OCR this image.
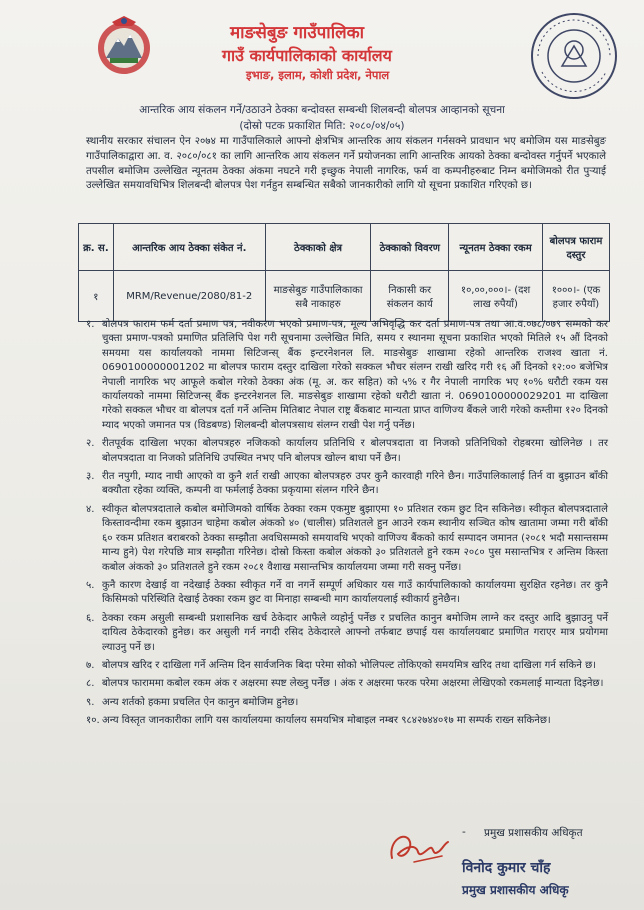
माङसेबुङ गाउँपालिका
गाउँ कार्यपालिकाको कार्यालय
इभाङ, इलाम, कोशी प्रदेश, नेपाल
आन्तरिक आय संकलन गर्ने/उठाउने ठेक्का बन्दोवस्त सम्बन्धी शिलबन्दी बोलपत्र आव्हानको सूचना
(दोस्रो पटक प्रकाशित मिति: २०८०/०४/०५)
स्थानीय सरकार संचालन ऐन २०७४ मा गाउँपालिकाले आफ्नो क्षेत्रभित्र आन्तरिक आय संकलन गर्नसक्ने प्रावधान भए बमोजिम यस माङसेबुङ गाउँपालिकाद्वारा आ. व. २०८०/०८१ का लागि आन्तरिक आय संकलन गर्ने प्रयोजनका लागि आन्तरिक आयको ठेक्का बन्दोवस्त गर्नुपर्ने भएकाले तपसील बमोजिम उल्लेखित न्यूनतम ठेक्का अंकमा नघटने गरी इच्छुक नेपाली नागरिक, फर्म वा कम्पनीहरुबाट निम्न बमोजिमको रीत पुऱ्याई उल्लेखित समयावधिभित्र शिलबन्दी बोलपत्र पेश गर्नहुन सम्बन्धित सबैको जानकारीको लागि यो सूचना प्रकाशित गरिएको छ।
क्र. स.	आन्तरिक आय ठेक्का संकेत नं.	ठेक्काको क्षेत्र	ठेक्काको विवरण	न्यूनतम ठेक्का रकम	बोलपत्र फाराम दस्तुर
१	MRM/Revenue/2080/81-2	माङसेबुङ गाउँपालिकाका सबै नाकाहरु	निकासी कर संकलन कार्य	१०,००,०००।- (दश लाख रुपैयाँ)	१०००।- (एक हजार रुपैयाँ)
१. बोलपत्र फाराम फर्म दर्ता प्रमाण पत्र, नवीकरण भएको प्रमाण-पत्र, मूल्य अभिवृद्धि कर दर्ता प्रमाण-पत्र तथा आ.व.०७८/०७९ सम्मको कर चुक्ता प्रमाण-पत्रको प्रमाणित प्रतिलिपि पेश गरी सूचनामा उल्लेखित मिति, समय र स्थानमा सूचना प्रकाशित भएको मितिले १५ औं दिनको समयमा यस कार्यालयको नाममा सिटिजन्स् बैंक इन्टरनेशनल लि. माङसेबुङ शाखामा रहेको आन्तरिक राजश्व खाता नं. 0690100000001202 मा बोलपत्र फाराम दस्तुर दाखिला गरेको सक्कल भौचर संलग्न राखी खरिद गरी १६ औं दिनको १२:०० बजेभित्र नेपाली नागरिक भए आफूले कबोल गरेको ठेक्का अंक (मू. अ. कर सहित) को ५% र गैर नेपाली नागरिक भए १०% धरौटी रकम यस कार्यालयको नाममा सिटिजन्स् बैंक इन्टरनेशनल लि. माङसेबुङ शाखामा रहेको धरौटी खाता नं. 0690100000029201 मा दाखिला गरेको सक्कल भौचर वा बोलपत्र दर्ता गर्ने अन्तिम मितिबाट नेपाल राष्ट्र बैंकबाट मान्यता प्राप्त वाणिज्य बैंकले जारी गरेको कम्तीमा १२० दिनको म्याद भएको जमानत पत्र (विडबण्ड) शिलबन्दी बोलपत्रसाथ संलग्न राखी पेश गर्नु पर्नेछ।
२. रीतपूर्वक दाखिला भएका बोलपत्रहरु नजिकको कार्यालय प्रतिनिधि र बोलपत्रदाता वा निजको प्रतिनिधिको रोहबरमा खोलिनेछ । तर बोलपत्रदाता वा निजको प्रतिनिधि उपस्थित नभए पनि बोलपत्र खोल्न बाधा पर्ने छैन।
३. रीत नपुगी, म्याद नाघी आएको वा कुनै शर्त राखी आएका बोलपत्रहरु उपर कुनै कारवाही गरिने छैन। गाउँपालिकालाई तिर्न वा बुझाउन बाँकी बक्यौता रहेका व्यक्ति, कम्पनी वा फर्मलाई ठेक्का प्रकृयामा संलग्न गरिने छैन।
४. स्वीकृत बोलपत्रदाताले कबोल बमोजिमको वार्षिक ठेक्का रकम एकमुष्ट बुझाएमा १० प्रतिशत रकम छुट दिन सकिनेछ। स्वीकृत बोलपत्रदाताले किस्तावन्दीमा रकम बुझाउन चाहेमा कबोल अंकको ४० (चालीस) प्रतिशतले हुन आउने रकम स्थानीय सञ्चित कोष खातामा जम्मा गरी बाँकी ६० रकम प्रतिशत बराबरको ठेक्का सम्झौता अवधिसम्मको समयावधि भएको वाणिज्य बैंकको कार्य सम्पादन जमानत (२०८१ भदौ मसान्तसम्म मान्य हुने) पेश गरेपछि मात्र सम्झौता गरिनेछ। दोस्रो किस्ता कबोल अंकको ३० प्रतिशतले हुने रकम २०८० पुस मसान्तभित्र र अन्तिम किस्ता कबोल अंकको ३० प्रतिशतले हुने रकम २०८१ वैशाख मसान्तभित्र कार्यालयमा जम्मा गरी सक्नु पर्नेछ।
५. कुनै कारण देखाई वा नदेखाई ठेक्का स्वीकृत गर्ने वा नगर्ने सम्पूर्ण अधिकार यस गाउँ कार्यपालिकाको कार्यालयमा सुरक्षित रहनेछ। तर कुनै किसिमको परिस्थिति देखाई ठेक्का रकम छुट वा मिनाहा सम्बन्धी माग कार्यालयलाई स्वीकार्य हुनेछैन।
६. ठेक्का रकम असुली सम्बन्धी प्रशासनिक खर्च ठेकेदार आफैले व्यहोर्नु पर्नेछ र प्रचलित कानुन बमोजिम लाग्ने कर दस्तुर आदि बुझाउनु पर्ने दायित्व ठेकेदारको हुनेछ। कर असुली गर्न नगदी रसिद ठेकेदारले आफ्नो तर्फबाट छपाई यस कार्यालयबाट प्रमाणित गराएर मात्र प्रयोगमा ल्याउनु पर्ने छ।
७. बोलपत्र खरिद र दाखिला गर्ने अन्तिम दिन सार्वजनिक बिदा परेमा सोको भोलिपल्ट तोकिएको समयमित्र खरिद तथा दाखिला गर्न सकिने छ।
८. बोलपत्र फाराममा कबोल रकम अंक र अक्षरमा स्पष्ट लेख्नु पर्नेछ । अंक र अक्षरमा फरक परेमा अक्षरमा लेखिएको रकमलाई मान्यता दिइनेछ।
९. अन्य शर्तको हकमा प्रचलित ऐन कानुन बमोजिम हुनेछ।
१०. अन्य विस्तृत जानकारीका लागि यस कार्यालयमा कार्यालय समयभित्र मोबाइल नम्बर ९८४२७४४०१७ मा सम्पर्क राख्न सकिनेछ।
- प्रमुख प्रशासकीय अधिकृत
विनोद कुमार चाँह
प्रमुख प्रशासकीय अधिकृ
